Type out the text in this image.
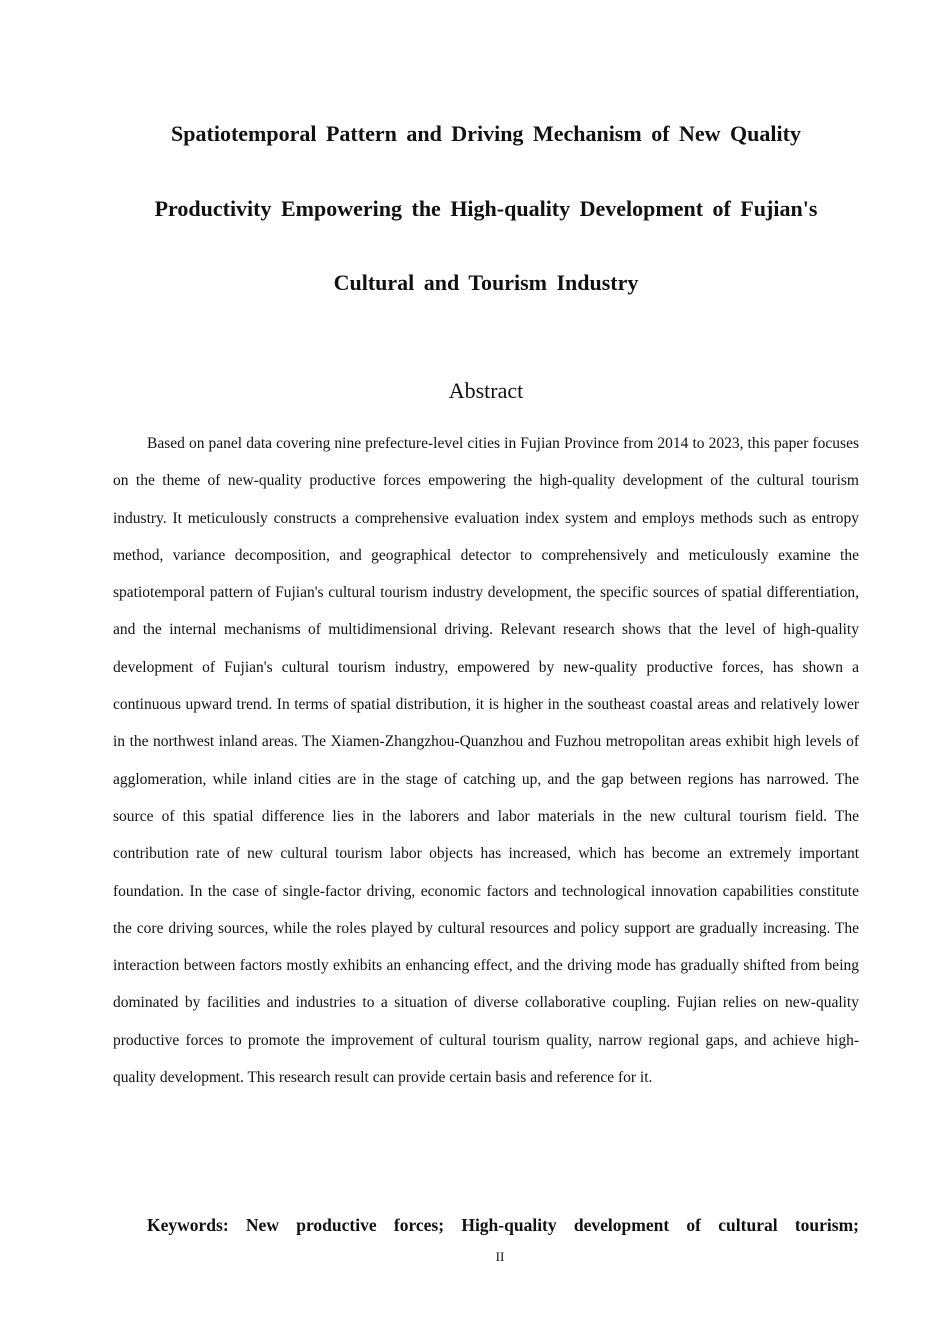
Spatiotemporal Pattern and Driving Mechanism of New Quality
Productivity Empowering the High-quality Development of Fujian's
Cultural and Tourism Industry
Abstract

Based on panel data covering nine prefecture-level cities in Fujian Province from 2014 to 2023, this paper focuses on the theme of new-quality productive forces empowering the high-quality development of the cultural tourism industry. It meticulously constructs a comprehensive evaluation index system and employs methods such as entropy method, variance decomposition, and geographical detector to comprehensively and meticulously examine the spatiotemporal pattern of Fujian's cultural tourism industry development, the specific sources of spatial differentiation, and the internal mechanisms of multidimensional driving. Relevant research shows that the level of high-quality development of Fujian's cultural tourism industry, empowered by new-quality productive forces, has shown a continuous upward trend. In terms of spatial distribution, it is higher in the southeast coastal areas and relatively lower in the northwest inland areas. The Xiamen-Zhangzhou-Quanzhou and Fuzhou metropolitan areas exhibit high levels of agglomeration, while inland cities are in the stage of catching up, and the gap between regions has narrowed. The source of this spatial difference lies in the laborers and labor materials in the new cultural tourism field. The contribution rate of new cultural tourism labor objects has increased, which has become an extremely important foundation. In the case of single-factor driving, economic factors and technological innovation capabilities constitute the core driving sources, while the roles played by cultural resources and policy support are gradually increasing. The interaction between factors mostly exhibits an enhancing effect, and the driving mode has gradually shifted from being dominated by facilities and industries to a situation of diverse collaborative coupling. Fujian relies on new-quality productive forces to promote the improvement of cultural tourism quality, narrow regional gaps, and achieve high-quality development. This research result can provide certain basis and reference for it.

Keywords: New productive forces; High-quality development of cultural tourism;

II
